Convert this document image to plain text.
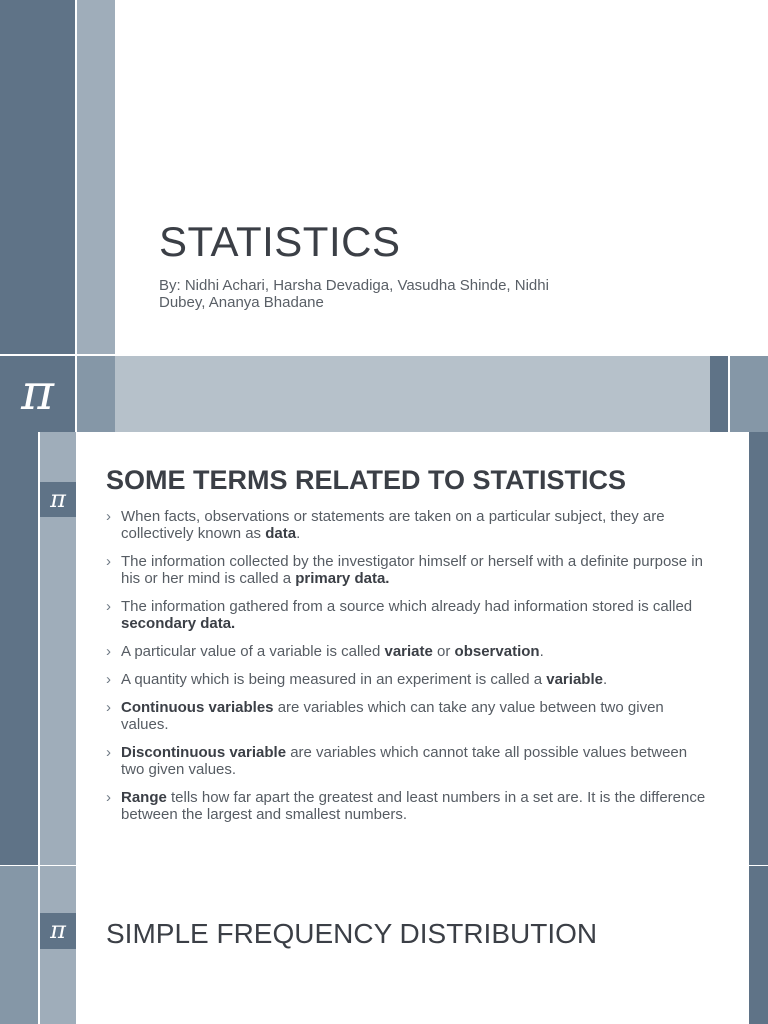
π
STATISTICS
By: Nidhi Achari, Harsha Devadiga, Vasudha Shinde, Nidhi
Dubey, Ananya Bhadane
π
SOME TERMS RELATED TO STATISTICS
› When facts, observations or statements are taken on a particular subject, they are collectively known as data.
› The information collected by the investigator himself or herself with a definite purpose in his or her mind is called a primary data.
› The information gathered from a source which already had information stored is called secondary data.
› A particular value of a variable is called variate or observation.
› A quantity which is being measured in an experiment is called a variable.
› Continuous variables are variables which can take any value between two given values.
› Discontinuous variable are variables which cannot take all possible values between two given values.
› Range tells how far apart the greatest and least numbers in a set are. It is the difference between the largest and smallest numbers.
π	SIMPLE FREQUENCY DISTRIBUTION
